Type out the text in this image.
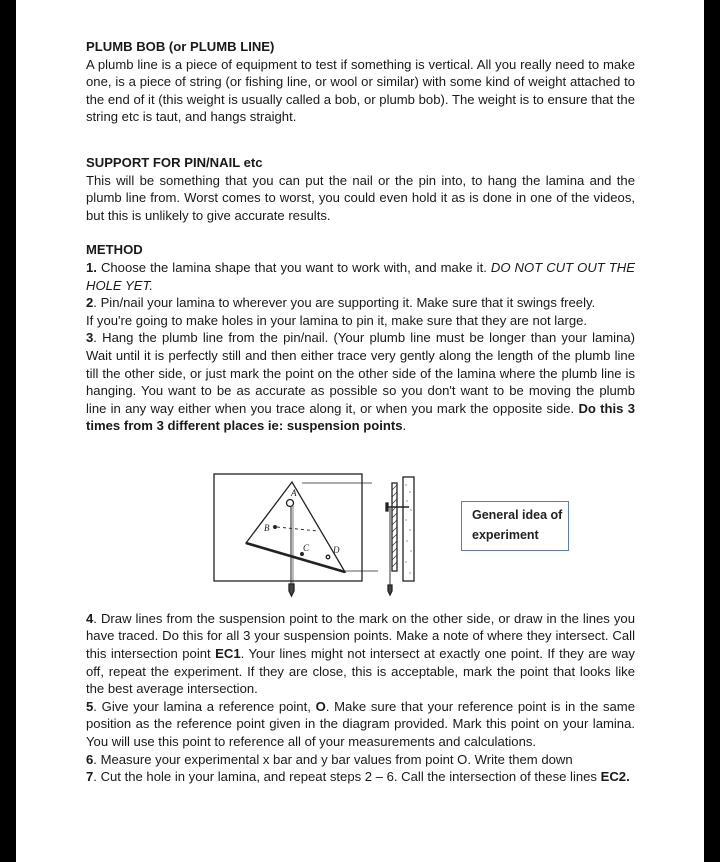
PLUMB BOB (or PLUMB LINE)

A plumb line is a piece of equipment to test if something is vertical. All you really need to make one, is a piece of string (or fishing line, or wool or similar) with some kind of weight attached to the end of it (this weight is usually called a bob, or plumb bob). The weight is to ensure that the string etc is taut, and hangs straight.

SUPPORT FOR PIN/NAIL etc

This will be something that you can put the nail or the pin into, to hang the lamina and the plumb line from. Worst comes to worst, you could even hold it as is done in one of the videos, but this is unlikely to give accurate results.

METHOD

1. Choose the lamina shape that you want to work with, and make it. DO NOT CUT OUT THE HOLE YET.

2. Pin/nail your lamina to wherever you are supporting it. Make sure that it swings freely.

If you're going to make holes in your lamina to pin it, make sure that they are not large.

3. Hang the plumb line from the pin/nail. (Your plumb line must be longer than your lamina) Wait until it is perfectly still and then either trace very gently along the length of the plumb line till the other side, or just mark the point on the other side of the lamina where the plumb line is hanging. You want to be as accurate as possible so you don't want to be moving the plumb line in any way either when you trace along it, or when you mark the opposite side. Do this 3 times from 3 different places ie: suspension points.

4. Draw lines from the suspension point to the mark on the other side, or draw in the lines you have traced. Do this for all 3 your suspension points. Make a note of where they intersect. Call this intersection point EC1. Your lines might not intersect at exactly one point. If they are way off, repeat the experiment. If they are close, this is acceptable, mark the point that looks like the best average intersection.

5. Give your lamina a reference point, O. Make sure that your reference point is in the same position as the reference point given in the diagram provided. Mark this point on your lamina. You will use this point to reference all of your measurements and calculations.

6. Measure your experimental x bar and y bar values from point O. Write them down

7. Cut the hole in your lamina, and repeat steps 2 – 6. Call the intersection of these lines EC2.

A
B
C	D
General idea of experiment
